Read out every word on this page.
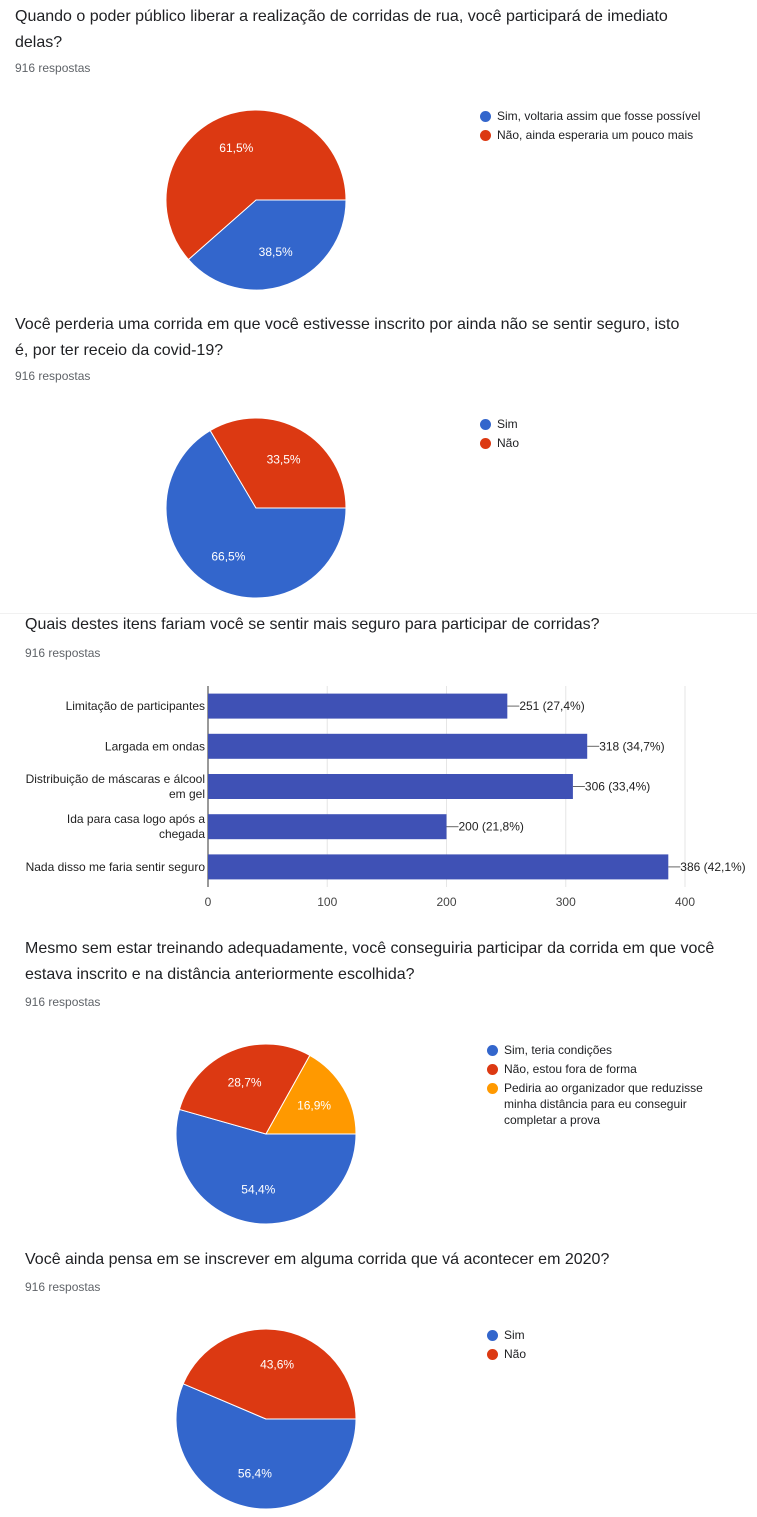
Quando o poder público liberar a realização de corridas de rua, você participará de imediato delas?
916 respostas
38,5%
61,5%
Sim, voltaria assim que fosse possível
Não, ainda esperaria um pouco mais
Você perderia uma corrida em que você estivesse inscrito por ainda não se sentir seguro, isto é, por ter receio da covid-19?
916 respostas
66,5%
33,5%
Sim
Não
Quais destes itens fariam você se sentir mais seguro para participar de corridas?
916 respostas
0	100	200	300	400
251 (27,4%)
Limitação de participantes
318 (34,7%)
Largada em ondas
306 (33,4%)
Distribuição de máscaras e álcool em gel
200 (21,8%)
Ida para casa logo após a chegada
386 (42,1%)
Nada disso me faria sentir seguro
Mesmo sem estar treinando adequadamente, você conseguiria participar da corrida em que você estava inscrito e na distância anteriormente escolhida?
916 respostas
54,4%
28,7%
16,9%
Sim, teria condições
Não, estou fora de forma
Pediria ao organizador que reduzisse minha distância para eu conseguir completar a prova
Você ainda pensa em se inscrever em alguma corrida que vá acontecer em 2020?
916 respostas
56,4%
43,6%
Sim
Não
